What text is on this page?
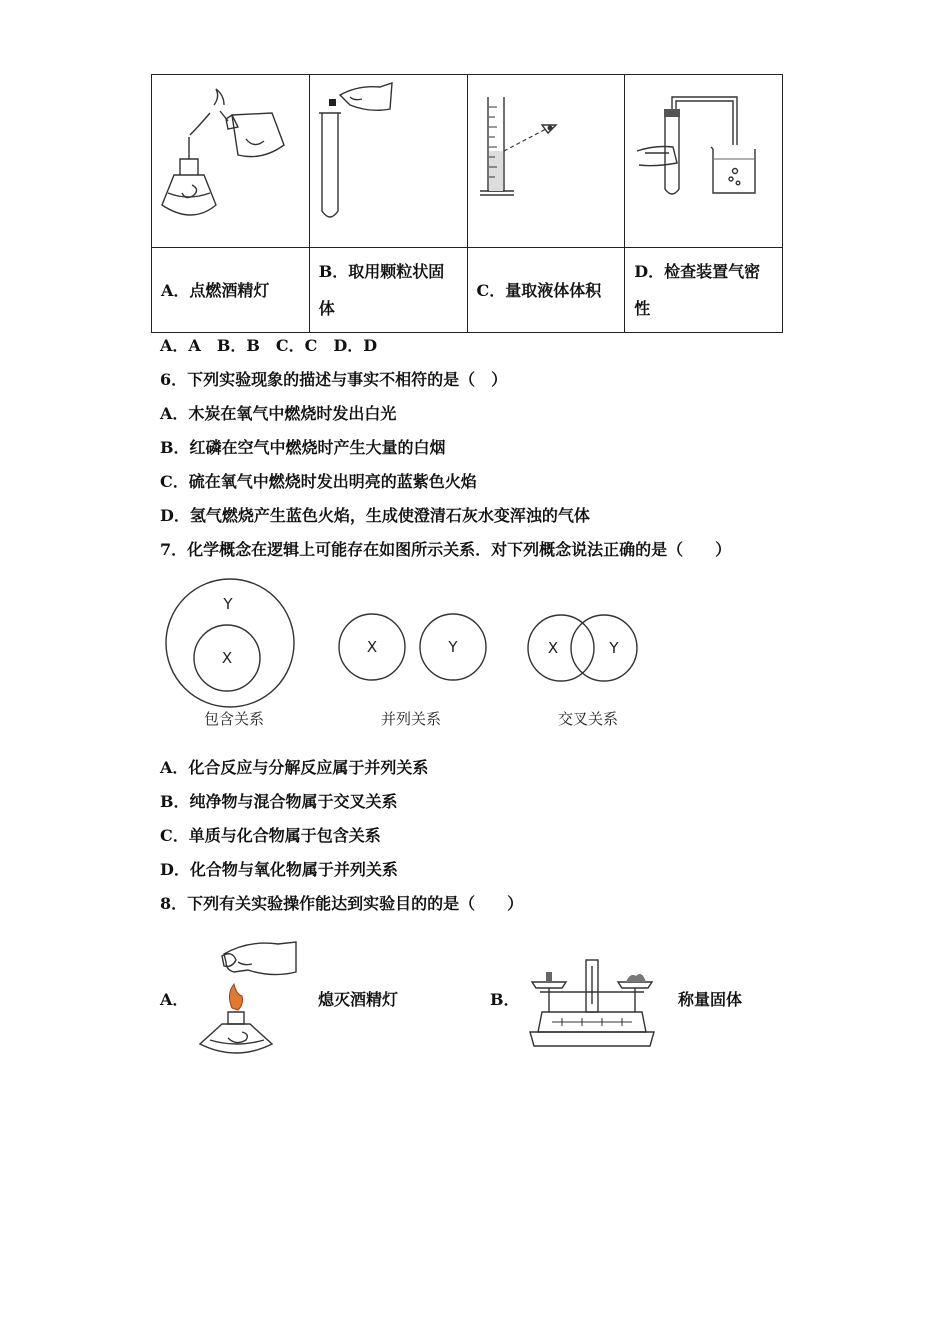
A．点燃酒精灯	B．取用颗粒状固
体	C．量取液体体积	D．检查装置气密
性
A．A　B．B　C．C　D．D
6．下列实验现象的描述与事实不相符的是（　）
A．木炭在氧气中燃烧时发出白光
B．红磷在空气中燃烧时产生大量的白烟
C．硫在氧气中燃烧时发出明亮的蓝紫色火焰
D．氢气燃烧产生蓝色火焰，生成使澄清石灰水变浑浊的气体
7．化学概念在逻辑上可能存在如图所示关系．对下列概念说法正确的是（　　）
Y
X
包含关系
X	Y
并列关系
X	Y
交叉关系
A．化合反应与分解反应属于并列关系
B．纯净物与混合物属于交叉关系
C．单质与化合物属于包含关系
D．化合物与氧化物属于并列关系
8．下列有关实验操作能达到实验目的的是（　　）
A．	熄灭酒精灯	B．	称量固体
